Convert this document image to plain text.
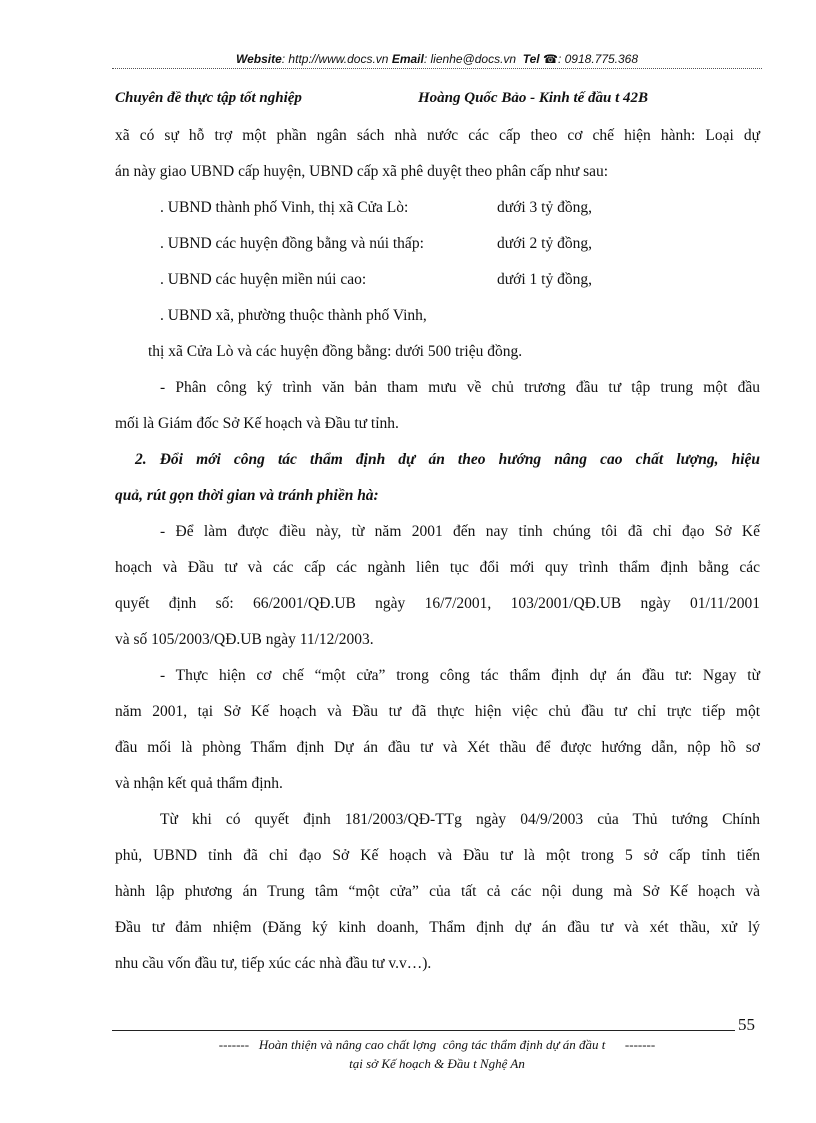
Website: http://www.docs.vn Email: lienhe@docs.vn Tel ☎: 0918.775.368
Chuyên đề thực tập tốt nghiệp	Hoàng Quốc Bảo - Kinh tế đầu t 42B
xã có sự hỗ trợ một phần ngân sách nhà nước các cấp theo cơ chế hiện hành: Loại dự
án này giao UBND cấp huyện, UBND cấp xã phê duyệt theo phân cấp như sau:
. UBND thành phố Vinh, thị xã Cửa Lò:	dưới 3 tỷ đồng,
. UBND các huyện đồng bằng và núi thấp:	dưới 2 tỷ đồng,
. UBND các huyện miền núi cao:	dưới 1 tỷ đồng,
. UBND xã, phường thuộc thành phố Vinh,
thị xã Cửa Lò và các huyện đồng bằng: dưới 500 triệu đồng.
- Phân công ký trình văn bản tham mưu về chủ trương đầu tư tập trung một đầu
mối là Giám đốc Sở Kế hoạch và Đầu tư tỉnh.
2. Đổi mới công tác thẩm định dự án theo hướng nâng cao chất lượng, hiệu
quả, rút gọn thời gian và tránh phiền hà:
- Để làm được điều này, từ năm 2001 đến nay tỉnh chúng tôi đã chỉ đạo Sở Kế
hoạch và Đầu tư và các cấp các ngành liên tục đổi mới quy trình thẩm định bằng các
quyết định số: 66/2001/QĐ.UB ngày 16/7/2001, 103/2001/QĐ.UB ngày 01/11/2001
và số 105/2003/QĐ.UB ngày 11/12/2003.
- Thực hiện cơ chế “một cửa” trong công tác thẩm định dự án đầu tư: Ngay từ
năm 2001, tại Sở Kế hoạch và Đầu tư đã thực hiện việc chủ đầu tư chỉ trực tiếp một
đầu mối là phòng Thẩm định Dự án đầu tư và Xét thầu để được hướng dẫn, nộp hồ sơ
và nhận kết quả thẩm định.
Từ khi có quyết định 181/2003/QĐ-TTg ngày 04/9/2003 của Thủ tướng Chính
phủ, UBND tỉnh đã chỉ đạo Sở Kế hoạch và Đầu tư là một trong 5 sở cấp tỉnh tiến
hành lập phương án Trung tâm “một cửa” của tất cả các nội dung mà Sở Kế hoạch và
Đầu tư đảm nhiệm (Đăng ký kinh doanh, Thẩm định dự án đầu tư và xét thầu, xử lý
nhu cầu vốn đầu tư, tiếp xúc các nhà đầu tư v.v…).
55
-------   Hoàn thiện và nâng cao chất lợng  công tác thẩm định dự án đầu t      -------
tại sở Kế hoạch & Đầu t Nghệ An
